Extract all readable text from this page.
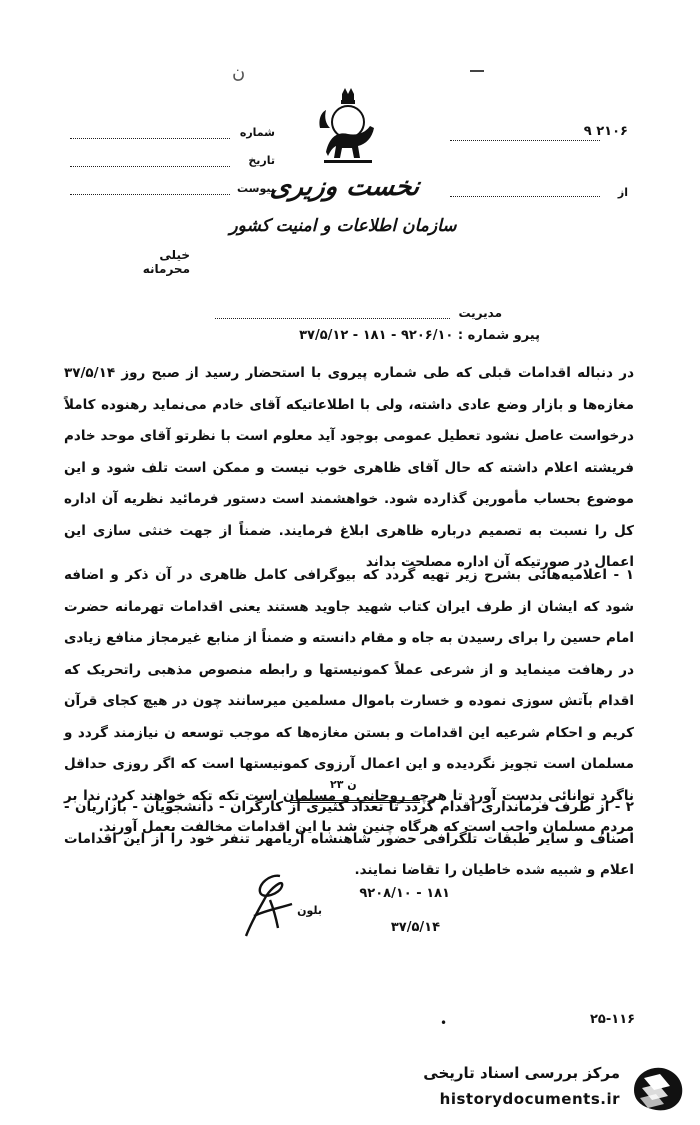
ن
شماره
تاریخ
پیوست
نخست وزیری
سازمان اطلاعات و امنیت کشور
۲۱۰۶ ۹
از
خیلی محرمانه
مدیریت
پیرو شماره : ۹۲۰۶/۱۰ - ۱۸۱ - ۳۷/۵/۱۲
در دنباله اقدامات قبلی که طی شماره پیروی با استحضار رسید از صبح روز ۳۷/۵/۱۴ مغازه‌ها و بازار وضع عادی داشته، ولی با اطلاعاتیکه آقای خادم می‌نماید رهنوده کاملاً درخواست عاصل نشود تعطیل عمومی بوجود آید معلوم است با نظرتو آقای موحد خادم فریشته اعلام داشته که حال آقای ظاهری خوب نیست و ممکن است تلف شود و این موضوع بحساب مأمورین گذارده شود. خواهشمند است دستور فرمائید نظریه آن اداره کل را نسبت به تصمیم درباره ظاهری ابلاغ فرمایند. ضمناً از جهت خنثی سازی این اعمال در صورتیکه آن اداره مصلحت بداند
۱ - اعلامیه‌هائی بشرح زیر تهیه گردد که بیوگرافی کامل ظاهری در آن ذکر و اضافه شود که ایشان از طرف ایران کتاب شهید جاوید هستند یعنی اقدامات تهرمانه حضرت امام حسین را برای رسیدن به جاه و مقام دانسته و ضمناً از منابع غیرمجاز منافع زیادی در رهافت مینماید و از شرعی عملاً کمونیستها و رابطه منصوص مذهبی راتحریک که اقدام بآتش سوزی نموده و خسارت باموال مسلمین میرسانند چون در هیچ کجای قرآن کریم و احکام شرعیه این اقدامات و بستن مغازه‌ها که موجب توسعه ن نیازمند گردد و مسلمان است تجویز نگردیده و این اعمال آرزوی کمونیستها است که اگر روزی حداقل ناگرد توانائی بدست آورد تا هرچه روحانی و مسلمان است تکه تکه خواهند کرد. ندا بر مردم مسلمان واجب است که هرگاه چنین شد با این اقدامات مخالفت بعمل آورند.
۲۳ ن
۲ - از طرف فرمانداری اقدام گردد تا تعداد کثیری از کارگران - دانشجویان - بازاریان - اصناف و سایر طبقات تلگرافی حضور شاهنشاه آریامهر تنفر خود را از این اقدامات اعلام و شبیه شده خاطیان را تقاضا نمایند.
۱۸۱ - ۹۲۰۸/۱۰
بلون
۳۷/۵/۱۴
•	۲۵-۱۱۶
مرکز بررسی اسناد تاریخی
historydocuments.ir
